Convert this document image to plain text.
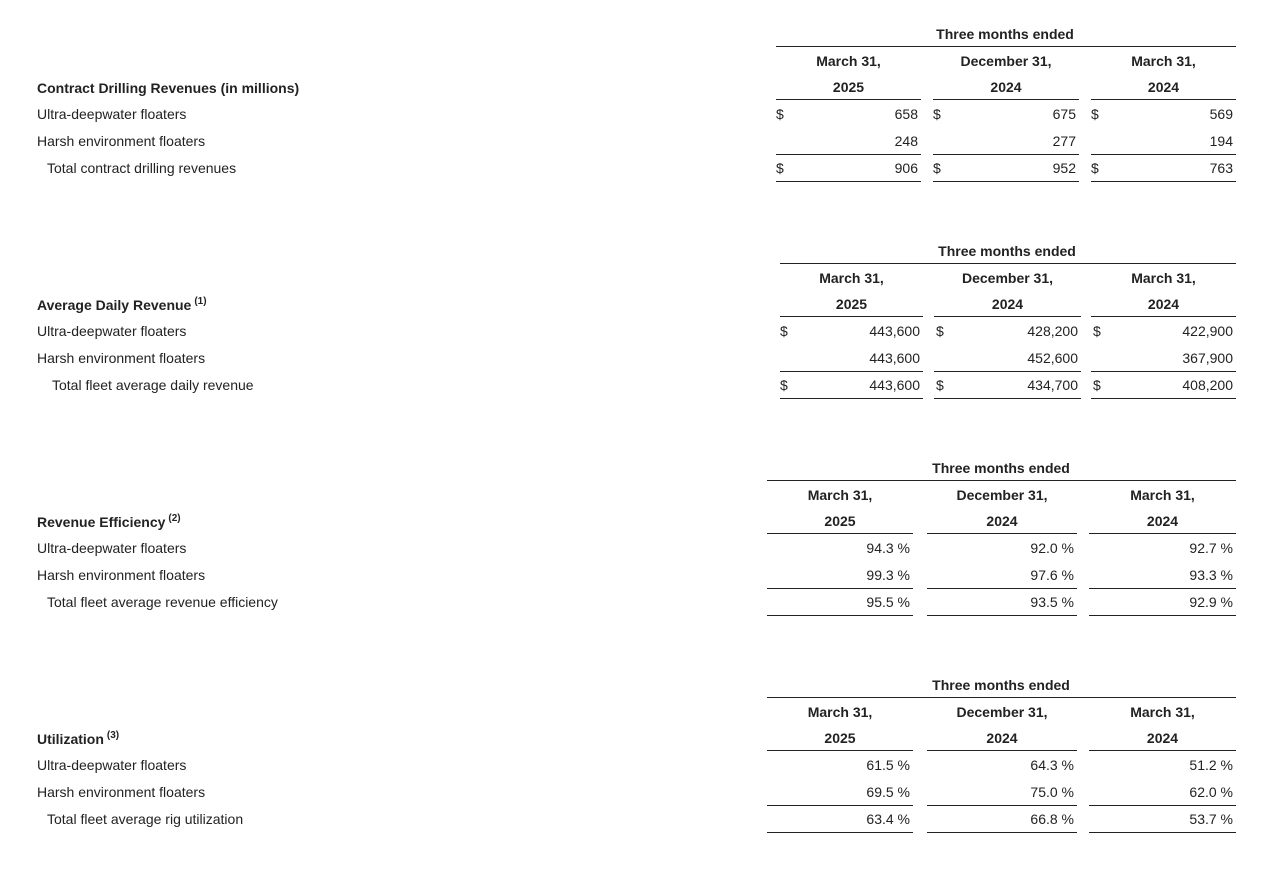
Three months ended
March 31,
2025
December 31,
2024
March 31,
2024
Contract Drilling Revenues (in millions)
Ultra-deepwater floaters	$	658 $	675 $	569
Harsh environment floaters	248	277	194
Total contract drilling revenues	$	906 $	952 $	763
Three months ended
March 31,
2025
December 31,
2024
March 31,
2024
Average Daily Revenue $^{(1)}$
Ultra-deepwater floaters	$	443,600 $	428,200 $	422,900
Harsh environment floaters	443,600	452,600	367,900
Total fleet average daily revenue	$	443,600 $	434,700 $	408,200
Three months ended
March 31,
2025
December 31,
2024
March 31,
2024
Revenue Efficiency $^{(2)}$
Ultra-deepwater floaters	94.3 %	92.0 %	92.7 %
Harsh environment floaters	99.3 %	97.6 %	93.3 %
Total fleet average revenue efficiency	95.5 %	93.5 %	92.9 %
Three months ended
March 31,
2025
December 31,
2024
March 31,
2024
Utilization $^{(3)}$
Ultra-deepwater floaters	61.5 %	64.3 %	51.2 %
Harsh environment floaters	69.5 %	75.0 %	62.0 %
Total fleet average rig utilization	63.4 %	66.8 %	53.7 %
